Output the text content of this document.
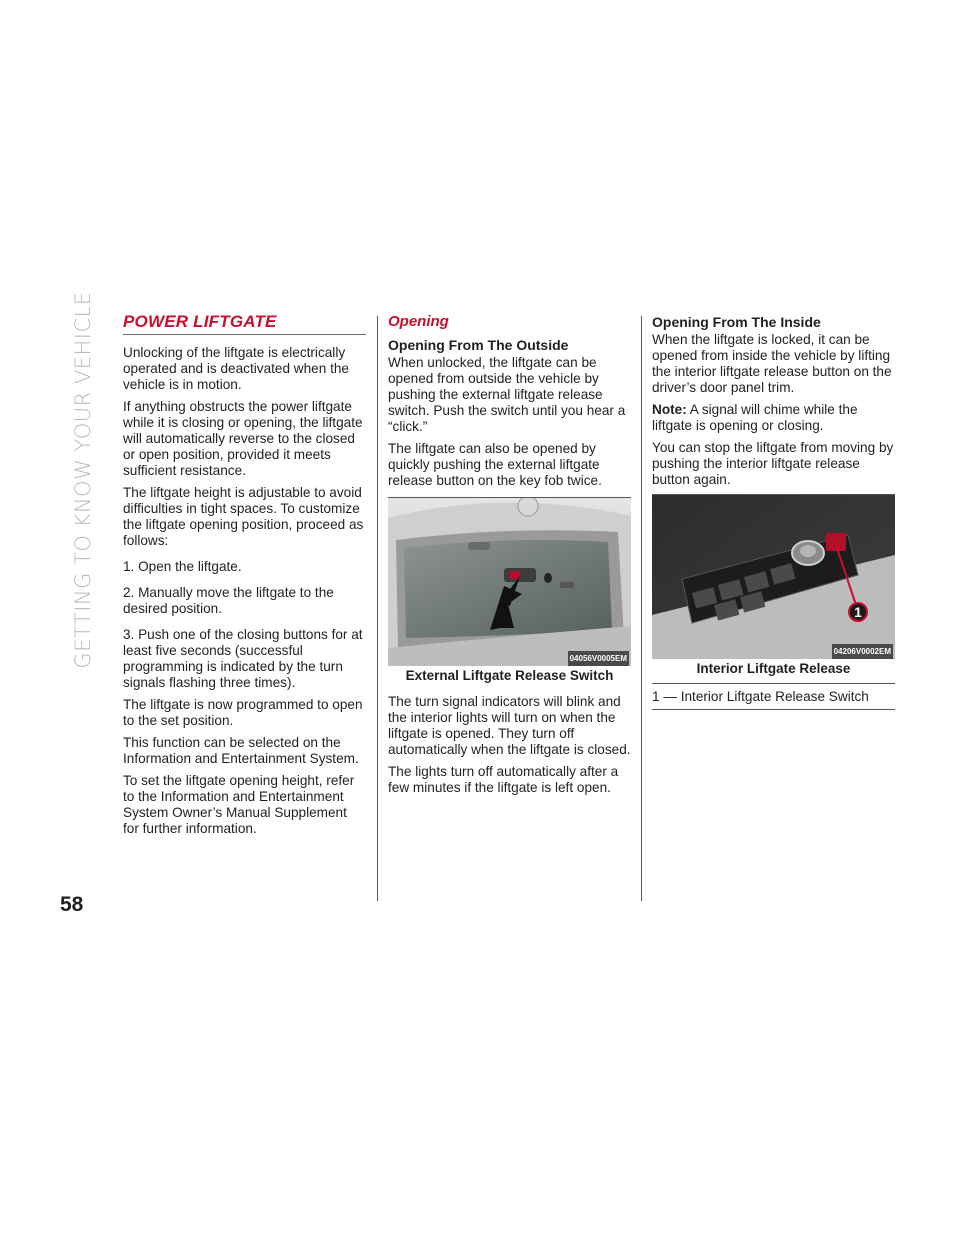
GETTING TO KNOW YOUR VEHICLE
58
POWER LIFTGATE

Unlocking of the liftgate is electrically operated and is deactivated when the vehicle is in motion.

If anything obstructs the power liftgate while it is closing or opening, the liftgate will automatically reverse to the closed or open position, provided it meets sufficient resistance.

The liftgate height is adjustable to avoid difficulties in tight spaces. To customize the liftgate opening position, proceed as follows:

1. Open the liftgate.

2. Manually move the liftgate to the desired position.

3. Push one of the closing buttons for at least five seconds (successful programming is indicated by the turn signals flashing three times).

The liftgate is now programmed to open to the set position.

This function can be selected on the Information and Entertainment System.

To set the liftgate opening height, refer to the Information and Entertainment System Owner’s Manual Supplement for further information.

Opening
Opening From The Outside

When unlocked, the liftgate can be opened from outside the vehicle by pushing the external liftgate release switch. Push the switch until you hear a “click.”

The liftgate can also be opened by quickly pushing the external liftgate release button on the key fob twice.

04056V0005EM
External Liftgate Release Switch

The turn signal indicators will blink and the interior lights will turn on when the liftgate is opened. They turn off automatically when the liftgate is closed.

The lights turn off automatically after a few minutes if the liftgate is left open.

Opening From The Inside

When the liftgate is locked, it can be opened from inside the vehicle by lifting the interior liftgate release button on the driver’s door panel trim.

Note: A signal will chime while the liftgate is opening or closing.

You can stop the liftgate from moving by pushing the interior liftgate release button again.

1
04206V0002EM
Interior Liftgate Release
1 — Interior Liftgate Release Switch
